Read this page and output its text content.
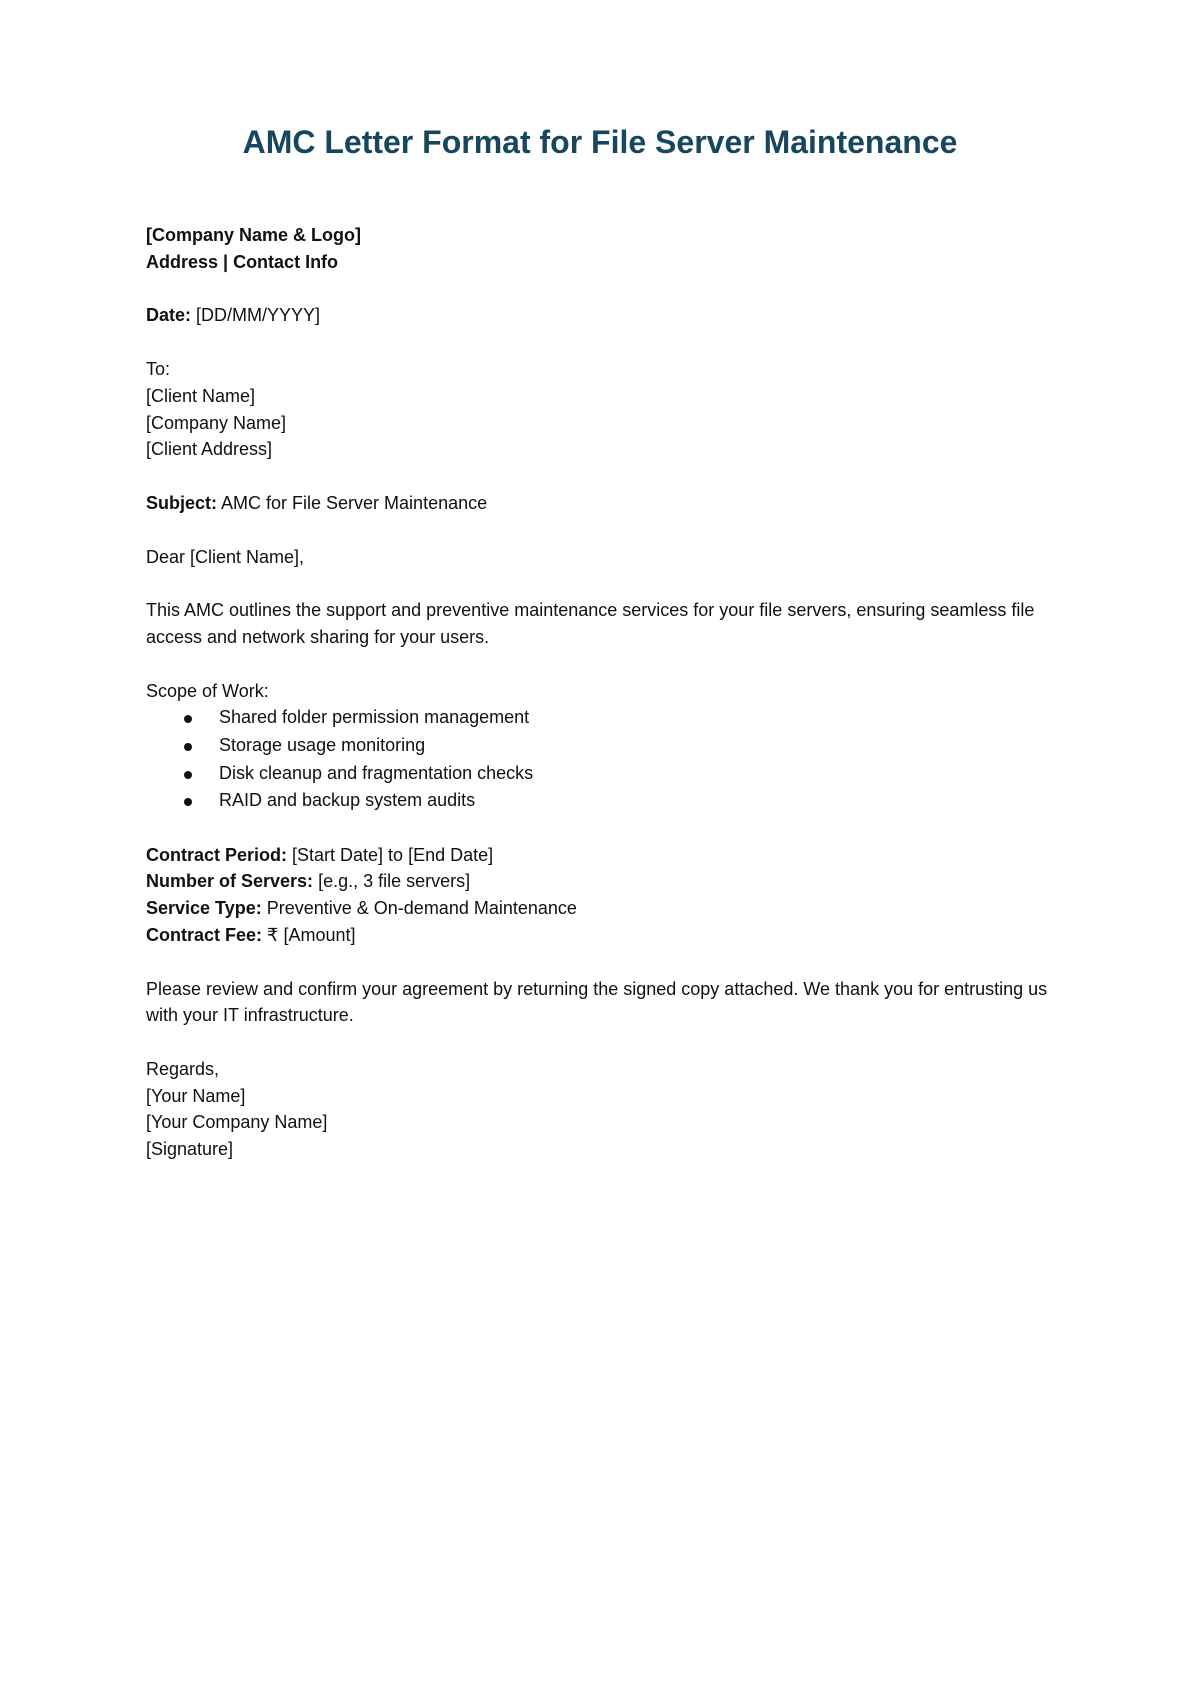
AMC Letter Format for File Server Maintenance

[Company Name & Logo]

Address | Contact Info

Date: [DD/MM/YYYY]

To:

[Client Name]

[Company Name]

[Client Address]

Subject: AMC for File Server Maintenance

Dear [Client Name],

This AMC outlines the support and preventive maintenance services for your file servers, ensuring seamless file access and network sharing for your users.

Scope of Work:

Shared folder permission management
Storage usage monitoring
Disk cleanup and fragmentation checks
RAID and backup system audits

Contract Period: [Start Date] to [End Date]

Number of Servers: [e.g., 3 file servers]

Service Type: Preventive & On-demand Maintenance

Contract Fee: ₹ [Amount]

Please review and confirm your agreement by returning the signed copy attached. We thank you for entrusting us with your IT infrastructure.

Regards,

[Your Name]

[Your Company Name]

[Signature]
